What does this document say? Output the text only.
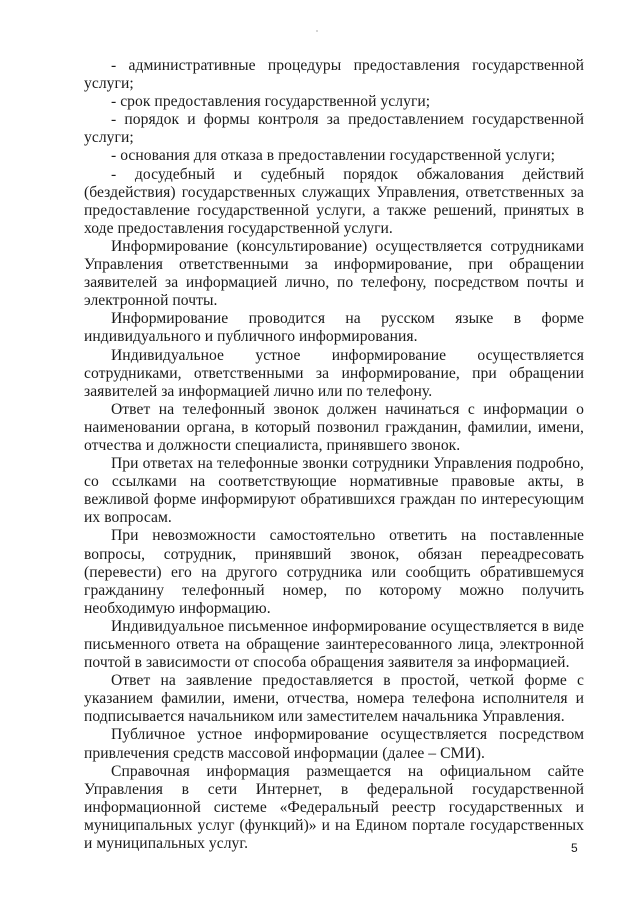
- административные процедуры предоставления государственной услуги;

- срок предоставления государственной услуги;

- порядок и формы контроля за предоставлением государственной услуги;

- основания для отказа в предоставлении государственной услуги;

- досудебный и судебный порядок обжалования действий (бездействия) государственных служащих Управления, ответственных за предоставление государственной услуги, а также решений, принятых в ходе предоставления государственной услуги.

Информирование (консультирование) осуществляется сотрудниками Управления ответственными за информирование, при обращении заявителей за информацией лично, по телефону, посредством почты и электронной почты.

Информирование проводится на русском языке в форме индивидуального и публичного информирования.

Индивидуальное устное информирование осуществляется сотрудниками, ответственными за информирование, при обращении заявителей за информацией лично или по телефону.

Ответ на телефонный звонок должен начинаться с информации о наименовании органа, в который позвонил гражданин, фамилии, имени, отчества и должности специалиста, принявшего звонок.

При ответах на телефонные звонки сотрудники Управления подробно, со ссылками на соответствующие нормативные правовые акты, в вежливой форме информируют обратившихся граждан по интересующим их вопросам.

При невозможности самостоятельно ответить на поставленные вопросы, сотрудник, принявший звонок, обязан переадресовать (перевести) его на другого сотрудника или сообщить обратившемуся гражданину телефонный номер, по которому можно получить необходимую информацию.

Индивидуальное письменное информирование осуществляется в виде письменного ответа на обращение заинтересованного лица, электронной почтой в зависимости от способа обращения заявителя за информацией.

Ответ на заявление предоставляется в простой, четкой форме с указанием фамилии, имени, отчества, номера телефона исполнителя и подписывается начальником или заместителем начальника Управления.

Публичное устное информирование осуществляется посредством привлечения средств массовой информации (далее – СМИ).

Справочная информация размещается на официальном сайте Управления в сети Интернет, в федеральной государственной информационной системе «Федеральный реестр государственных и муниципальных услуг (функций)» и на Едином портале государственных и муниципальных услуг.	5
